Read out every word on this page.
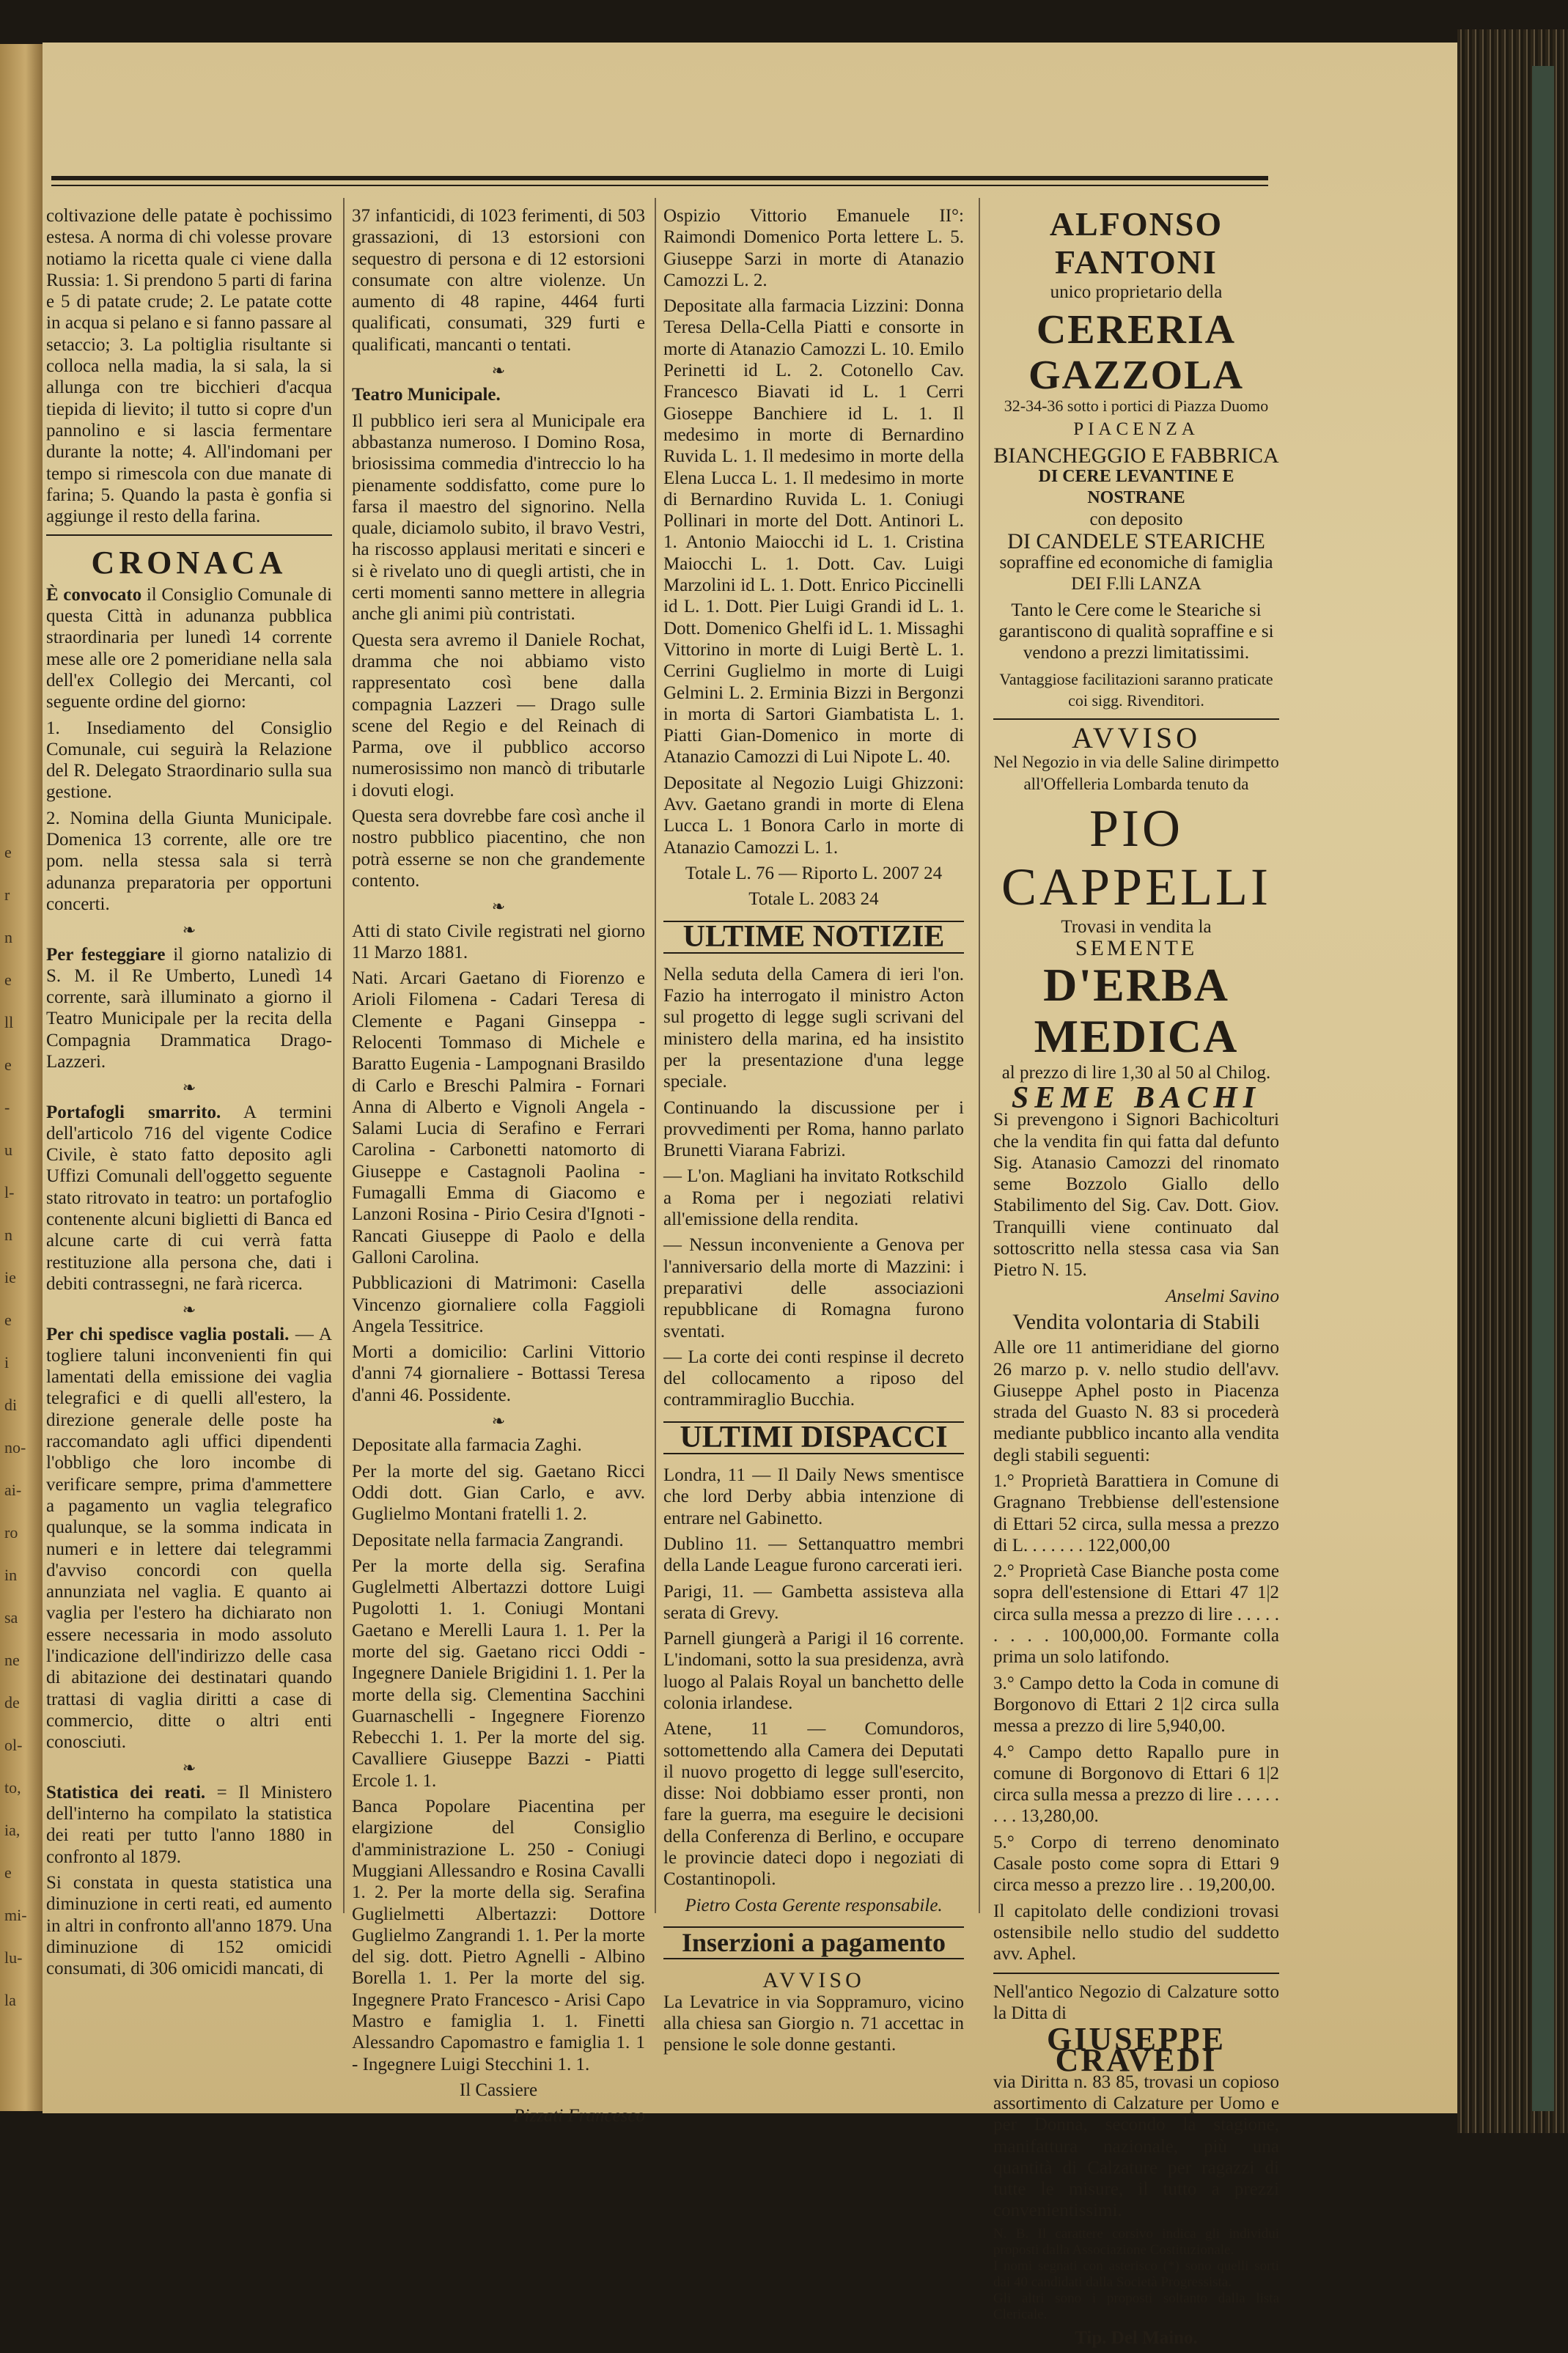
e
r
n
e
ll
e
-
u
l-
n
ie
e
i
di
no-
ai-
ro
in
sa
ne
de
ol-
to,
ia,
e
mi-
lu-
la

coltivazione delle patate è pochissimo estesa. A norma di chi volesse provare notiamo la ricetta quale ci viene dalla Russia: 1. Si prendono 5 parti di farina e 5 di patate crude; 2. Le patate cotte in acqua si pelano e si fanno passare al setaccio; 3. La poltiglia risultante si colloca nella madia, la si sala, la si allunga con tre bicchieri d'acqua tiepida di lievito; il tutto si copre d'un pannolino e si lascia fermentare durante la notte; 4. All'indomani per tempo si rimescola con due manate di farina; 5. Quando la pasta è gonfia si aggiunge il resto della farina.

CRONACA

È convocato il Consiglio Comunale di questa Città in adunanza pubblica straordinaria per lunedì 14 corrente mese alle ore 2 pomeridiane nella sala dell'ex Collegio dei Mercanti, col seguente ordine del giorno:

1. Insediamento del Consiglio Comunale, cui seguirà la Relazione del R. Delegato Straordinario sulla sua gestione.

2. Nomina della Giunta Municipale. Domenica 13 corrente, alle ore tre pom. nella stessa sala si terrà adunanza preparatoria per opportuni concerti.

❧

Per festeggiare il giorno natalizio di S. M. il Re Umberto, Lunedì 14 corrente, sarà illuminato a giorno il Teatro Municipale per la recita della Compagnia Drammatica Drago-Lazzeri.

❧

Portafogli smarrito. A termini dell'articolo 716 del vigente Codice Civile, è stato fatto deposito agli Uffizi Comunali dell'oggetto seguente stato ritrovato in teatro: un portafoglio contenente alcuni biglietti di Banca ed alcune carte di cui verrà fatta restituzione alla persona che, dati i debiti contrassegni, ne farà ricerca.

❧

Per chi spedisce vaglia postali. — A togliere taluni inconvenienti fin qui lamentati della emissione dei vaglia telegrafici e di quelli all'estero, la direzione generale delle poste ha raccomandato agli uffici dipendenti l'obbligo che loro incombe di verificare sempre, prima d'ammettere a pagamento un vaglia telegrafico qualunque, se la somma indicata in numeri e in lettere dai telegrammi d'avviso concordi con quella annunziata nel vaglia. E quanto ai vaglia per l'estero ha dichiarato non essere necessaria in modo assoluto l'indicazione dell'indirizzo delle casa di abitazione dei destinatari quando trattasi di vaglia diritti a case di commercio, ditte o altri enti conosciuti.

❧

Statistica dei reati. = Il Ministero dell'interno ha compilato la statistica dei reati per tutto l'anno 1880 in confronto al 1879.

Si constata in questa statistica una diminuzione in certi reati, ed aumento in altri in confronto all'anno 1879. Una diminuzione di 152 omicidi consumati, di 306 omicidi mancati, di

37 infanticidi, di 1023 ferimenti, di 503 grassazioni, di 13 estorsioni con sequestro di persona e di 12 estorsioni consumate con altre violenze. Un aumento di 48 rapine, 4464 furti qualificati, consumati, 329 furti e qualificati, mancanti o tentati.

❧

Teatro Municipale.

Il pubblico ieri sera al Municipale era abbastanza numeroso. I Domino Rosa, briosissima commedia d'intreccio lo ha pienamente soddisfatto, come pure lo farsa il maestro del signorino. Nella quale, diciamolo subito, il bravo Vestri, ha riscosso applausi meritati e sinceri e si è rivelato uno di quegli artisti, che in certi momenti sanno mettere in allegria anche gli animi più contristati.

Questa sera avremo il Daniele Rochat, dramma che noi abbiamo visto rappresentato così bene dalla compagnia Lazzeri — Drago sulle scene del Regio e del Reinach di Parma, ove il pubblico accorso numerosissimo non mancò di tributarle i dovuti elogi.

Questa sera dovrebbe fare così anche il nostro pubblico piacentino, che non potrà esserne se non che grandemente contento.

❧

Atti di stato Civile registrati nel giorno 11 Marzo 1881.

Nati. Arcari Gaetano di Fiorenzo e Arioli Filomena - Cadari Teresa di Clemente e Pagani Ginseppa - Relocenti Tommaso di Michele e Baratto Eugenia - Lampognani Brasildo di Carlo e Breschi Palmira - Fornari Anna di Alberto e Vignoli Angela - Salami Lucia di Serafino e Ferrari Carolina - Carbonetti natomorto di Giuseppe e Castagnoli Paolina - Fumagalli Emma di Giacomo e Lanzoni Rosina - Pirio Cesira d'Ignoti - Rancati Giuseppe di Paolo e della Galloni Carolina.

Pubblicazioni di Matrimoni: Casella Vincenzo giornaliere colla Faggioli Angela Tessitrice.

Morti a domicilio: Carlini Vittorio d'anni 74 giornaliere - Bottassi Teresa d'anni 46. Possidente.

❧

Depositate alla farmacia Zaghi.

Per la morte del sig. Gaetano Ricci Oddi dott. Gian Carlo, e avv. Guglielmo Montani fratelli 1. 2.

Depositate nella farmacia Zangrandi.

Per la morte della sig. Serafina Guglelmetti Albertazzi dottore Luigi Pugolotti 1. 1. Coniugi Montani Gaetano e Merelli Laura 1. 1. Per la morte del sig. Gaetano ricci Oddi - Ingegnere Daniele Brigidini 1. 1. Per la morte della sig. Clementina Sacchini Guarnaschelli - Ingegnere Fiorenzo Rebecchi 1. 1. Per la morte del sig. Cavalliere Giuseppe Bazzi - Piatti Ercole 1. 1.

Banca Popolare Piacentina per elargizione del Consiglio d'amministrazione L. 250 - Coniugi Muggiani Allessandro e Rosina Cavalli 1. 2. Per la morte della sig. Serafina Guglielmetti Albertazzi: Dottore Guglielmo Zangrandi 1. 1. Per la morte del sig. dott. Pietro Agnelli - Albino Borella 1. 1. Per la morte del sig. Ingegnere Prato Francesco - Arisi Capo Mastro e famiglia 1. 1. Finetti Alessandro Capomastro e famiglia 1. 1 - Ingegnere Luigi Stecchini 1. 1.

Il Cassiere

Pizzati Francesco

Ospizio Vittorio Emanuele II°: Raimondi Domenico Porta lettere L. 5. Giuseppe Sarzi in morte di Atanazio Camozzi L. 2.

Depositate alla farmacia Lizzini: Donna Teresa Della-Cella Piatti e consorte in morte di Atanazio Camozzi L. 10. Emilo Perinetti id L. 2. Cotonello Cav. Francesco Biavati id L. 1 Cerri Gioseppe Banchiere id L. 1. Il medesimo in morte di Bernardino Ruvida L. 1. Il medesimo in morte della Elena Lucca L. 1. Il medesimo in morte di Bernardino Ruvida L. 1. Coniugi Pollinari in morte del Dott. Antinori L. 1. Antonio Maiocchi id L. 1. Cristina Maiocchi L. 1. Dott. Cav. Luigi Marzolini id L. 1. Dott. Enrico Piccinelli id L. 1. Dott. Pier Luigi Grandi id L. 1. Dott. Domenico Ghelfi id L. 1. Missaghi Vittorino in morte di Luigi Bertè L. 1. Cerrini Guglielmo in morte di Luigi Gelmini L. 2. Erminia Bizzi in Bergonzi in morta di Sartori Giambatista L. 1. Piatti Gian-Domenico in morte di Atanazio Camozzi di Lui Nipote L. 40.

Depositate al Negozio Luigi Ghizzoni: Avv. Gaetano grandi in morte di Elena Lucca L. 1 Bonora Carlo in morte di Atanazio Camozzi L. 1.

Totale L. 76 — Riporto L. 2007 24

Totale L. 2083 24

ULTIME NOTIZIE

Nella seduta della Camera di ieri l'on. Fazio ha interrogato il ministro Acton sul progetto di legge sugli scrivani del ministero della marina, ed ha insistito per la presentazione d'una legge speciale.

Continuando la discussione per i provvedimenti per Roma, hanno parlato Brunetti Viarana Fabrizi.

— L'on. Magliani ha invitato Rotkschild a Roma per i negoziati relativi all'emissione della rendita.

— Nessun inconveniente a Genova per l'anniversario della morte di Mazzini: i preparativi delle associazioni repubblicane di Romagna furono sventati.

— La corte dei conti respinse il decreto del collocamento a riposo del contrammiraglio Bucchia.

ULTIMI DISPACCI

Londra, 11 — Il Daily News smentisce che lord Derby abbia intenzione di entrare nel Gabinetto.

Dublino 11. — Settanquattro membri della Lande League furono carcerati ieri.

Parigi, 11. — Gambetta assisteva alla serata di Grevy.

Parnell giungerà a Parigi il 16 corrente. L'indomani, sotto la sua presidenza, avrà luogo al Palais Royal un banchetto delle colonia irlandese.

Atene, 11 — Comundoros, sottomettendo alla Camera dei Deputati il nuovo progetto di legge sull'esercito, disse: Noi dobbiamo esser pronti, non fare la guerra, ma eseguire le decisioni della Conferenza di Berlino, e occupare le provincie dateci dopo i negoziati di Costantinopoli.

Pietro Costa Gerente responsabile.

Inserzioni a pagamento
AVVISO

La Levatrice in via Soppramuro, vicino alla chiesa san Giorgio n. 71 accettac in pensione le sole donne gestanti.

ALFONSO FANTONI

unico proprietario della

CERERIA GAZZOLA

32-34-36 sotto i portici di Piazza Duomo

PIACENZA

BIANCHEGGIO E FABBRICA

DI CERE LEVANTINE E NOSTRANE

con deposito

DI CANDELE STEARICHE

sopraffine ed economiche di famiglia

DEI F.lli LANZA

Tanto le Cere come le Steariche si garantiscono di qualità sopraffine e si vendono a prezzi limitatissimi.

Vantaggiose facilitazioni saranno praticate coi sigg. Rivenditori.

AVVISO

Nel Negozio in via delle Saline dirimpetto all'Offelleria Lombarda tenuto da

PIO CAPPELLI

Trovasi in vendita la

SEMENTE

D'ERBA MEDICA

al prezzo di lire 1,30 al 50 al Chilog.

SEME BACHI

Si prevengono i Signori Bachicolturi che la vendita fin qui fatta dal defunto Sig. Atanasio Camozzi del rinomato seme Bozzolo Giallo dello Stabilimento del Sig. Cav. Dott. Giov. Tranquilli viene continuato dal sottoscritto nella stessa casa via San Pietro N. 15.

Anselmi Savino

Vendita volontaria di Stabili

Alle ore 11 antimeridiane del giorno 26 marzo p. v. nello studio dell'avv. Giuseppe Aphel posto in Piacenza strada del Guasto N. 83 si procederà mediante pubblico incanto alla vendita degli stabili seguenti:

1.° Proprietà Barattiera in Comune di Gragnano Trebbiense dell'estensione di Ettari 52 circa, sulla messa a prezzo di L. . . . . . . 122,000,00

2.° Proprietà Case Bianche posta come sopra dell'estensione di Ettari 47 1|2 circa sulla messa a prezzo di lire . . . . . . . . . 100,000,00. Formante colla prima un solo latifondo.

3.° Campo detto la Coda in comune di Borgonovo di Ettari 2 1|2 circa sulla messa a prezzo di lire 5,940,00.

4.° Campo detto Rapallo pure in comune di Borgonovo di Ettari 6 1|2 circa sulla messa a prezzo di lire . . . . . . . . 13,280,00.

5.° Corpo di terreno denominato Casale posto come sopra di Ettari 9 circa messo a prezzo lire . . 19,200,00.

Il capitolato delle condizioni trovasi ostensibile nello studio del suddetto avv. Aphel.

Nell'antico Negozio di Calzature sotto la Ditta di

GIUSEPPE CRAVEDI

via Diritta n. 83 85, trovasi un copioso assortimento di Calzature per Uomo e per Donna, secondo la stagione, manifattura nazionale, più una quantità di Calzature per ragazzi di tutte le misure, il tutto a prezzi convenientissimi.

N. B. Il carattere corsivo indica gli individui proposti dalla Associazione Costituzionale.

I nomi segnati con asterisco (*) sono quelli sorti dai 40 candidati dalla Società Progressista.

Gli altri sono i proposti soltanto dalla lista Clericale.

Tip. Del Maino.
